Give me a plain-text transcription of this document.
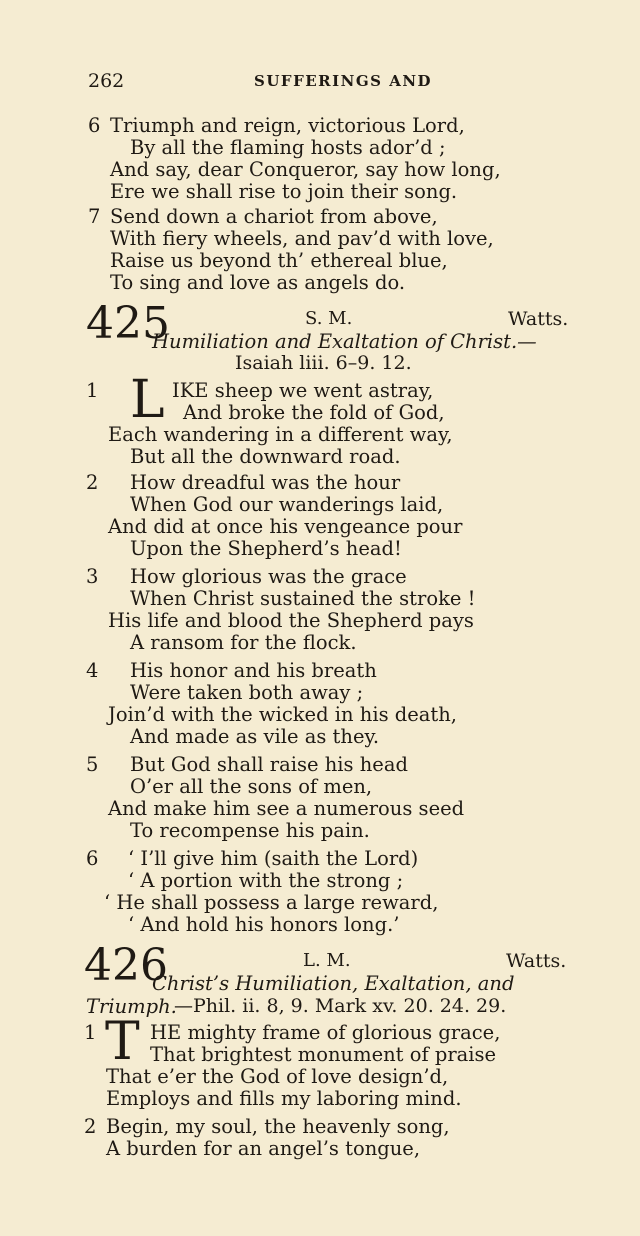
262	SUFFERINGS AND
6 Triumph and reign, victorious Lord,
By all the flaming hosts ador’d ;
And say, dear Conqueror, say how long,
Ere we shall rise to join their song.
7 Send down a chariot from above,
With fiery wheels, and pav’d with love,
Raise us beyond th’ ethereal blue,
To sing and love as angels do.
425	S. M.	Watts.
Humiliation and Exaltation of Christ.—
Isaiah liii. 6–9. 12.
1 L IKE sheep we went astray,
And broke the fold of God,
Each wandering in a different way,
But all the downward road.
2 How dreadful was the hour
When God our wanderings laid,
And did at once his vengeance pour
Upon the Shepherd’s head!
3 How glorious was the grace
When Christ sustained the stroke !
His life and blood the Shepherd pays
A ransom for the flock.
4 His honor and his breath
Were taken both away ;
Join’d with the wicked in his death,
And made as vile as they.
5 But God shall raise his head
O’er all the sons of men,
And make him see a numerous seed
To recompense his pain.
6 ‘ I’ll give him (saith the Lord)
‘ A portion with the strong ;
‘ He shall possess a large reward,
‘ And hold his honors long.’
426	L. M.	Watts.
Christ’s Humiliation, Exaltation, and
Triumph.
—Phil. ii. 8, 9. Mark xv. 20. 24. 29.
1 T HE mighty frame of glorious grace,
That brightest monument of praise
That e’er the God of love design’d,
Employs and fills my laboring mind.
2 Begin, my soul, the heavenly song,
A burden for an angel’s tongue,
